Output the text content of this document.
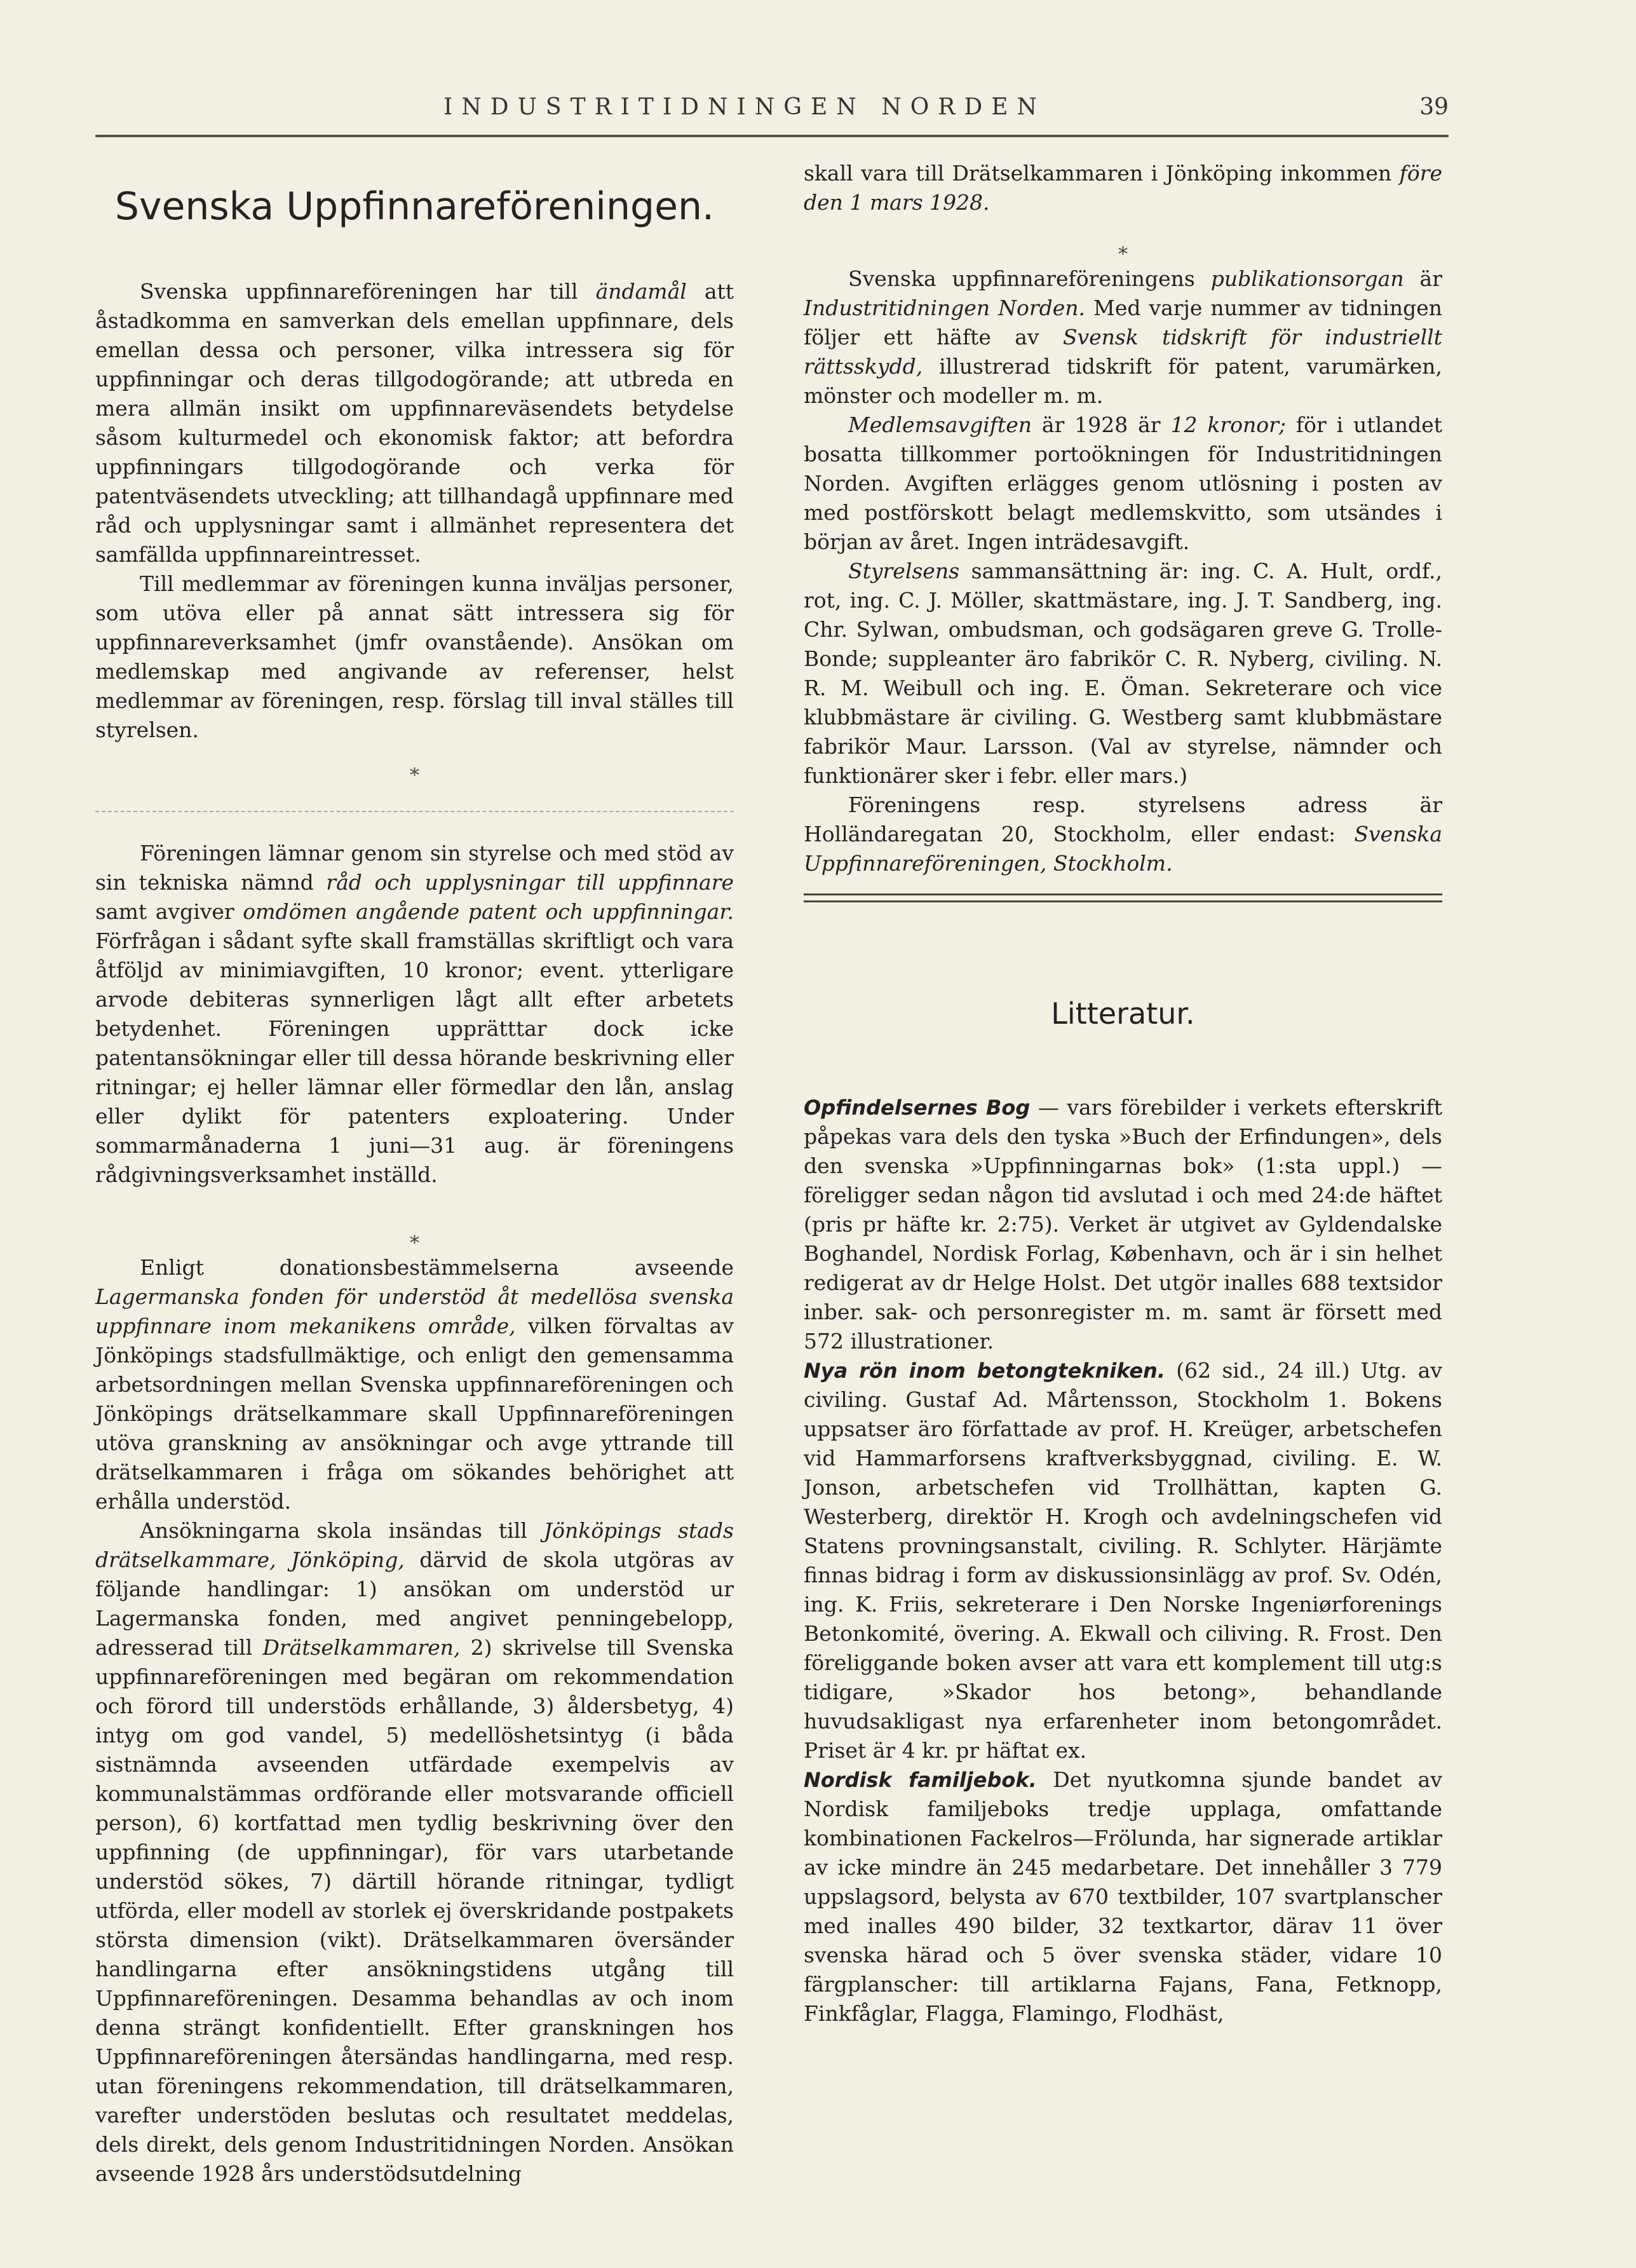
INDUSTRITIDNINGEN NORDEN	39
Svenska Uppfinnareföreningen.

Svenska uppfinnareföreningen har till ändamål att åstadkomma en samverkan dels emellan uppfinnare, dels emellan dessa och personer, vilka intressera sig för uppfinningar och deras tillgodogörande; att utbreda en mera allmän insikt om uppfinnareväsendets betydelse såsom kulturmedel och ekonomisk faktor; att befordra uppfinningars tillgodogörande och verka för patentväsendets utveckling; att tillhandagå uppfinnare med råd och upplysningar samt i allmänhet representera det samfällda uppfinnareintresset.

Till medlemmar av föreningen kunna inväljas personer, som utöva eller på annat sätt intressera sig för uppfinnareverksamhet (jmfr ovanstående). Ansökan om medlemskap med angivande av referenser, helst medlemmar av föreningen, resp. förslag till inval ställes till styrelsen.

*

Föreningen lämnar genom sin styrelse och med stöd av sin tekniska nämnd råd och upplysningar till uppfinnare samt avgiver omdömen angående patent och uppfinningar. Förfrågan i sådant syfte skall framställas skriftligt och vara åtföljd av minimiavgiften, 10 kronor; event. ytterligare arvode debiteras synnerligen lågt allt efter arbetets betydenhet. Föreningen upprätttar dock icke patentansökningar eller till dessa hörande beskrivning eller ritningar; ej heller lämnar eller förmedlar den lån, anslag eller dylikt för patenters exploatering. Under sommarmånaderna 1 juni—31 aug. är föreningens rådgivningsverksamhet inställd.

*

Enligt donationsbestämmelserna avseende Lagermanska fonden för understöd åt medellösa svenska uppfinnare inom mekanikens område, vilken förvaltas av Jönköpings stadsfullmäktige, och enligt den gemensamma arbetsordningen mellan Svenska uppfinnareföreningen och Jönköpings drätselkammare skall Uppfinnareföreningen utöva granskning av ansökningar och avge yttrande till drätselkammaren i fråga om sökandes behörighet att erhålla understöd.

Ansökningarna skola insändas till Jönköpings stads drätselkammare, Jönköping, därvid de skola utgöras av följande handlingar: 1) ansökan om understöd ur Lagermanska fonden, med angivet penningebelopp, adresserad till Drätselkammaren, 2) skrivelse till Svenska uppfinnareföreningen med begäran om rekommendation och förord till understöds erhållande, 3) åldersbetyg, 4) intyg om god vandel, 5) medellöshetsintyg (i båda sistnämnda avseenden utfärdade exempelvis av kommunalstämmas ordförande eller motsvarande officiell person), 6) kortfattad men tydlig beskrivning över den uppfinning (de uppfinningar), för vars utarbetande understöd sökes, 7) därtill hörande ritningar, tydligt utförda, eller modell av storlek ej överskridande postpakets största dimension (vikt). Drätselkammaren översänder handlingarna efter ansökningstidens utgång till Uppfinnareföreningen. Desamma behandlas av och inom denna strängt konfidentiellt. Efter granskningen hos Uppfinnareföreningen återsändas handlingarna, med resp. utan föreningens rekommendation, till drätselkammaren, varefter understöden beslutas och resultatet meddelas, dels direkt, dels genom Industritidningen Norden. Ansökan avseende 1928 års understödsutdelning

skall vara till Drätselkammaren i Jönköping inkommen före den 1 mars 1928.

*

Svenska uppfinnareföreningens publikationsorgan är Industritidningen Norden. Med varje nummer av tidningen följer ett häfte av Svensk tidskrift för industriellt rättsskydd, illustrerad tidskrift för patent, varumärken, mönster och modeller m. m.

Medlemsavgiften är 1928 är 12 kronor; för i utlandet bosatta tillkommer portoökningen för Industritidningen Norden. Avgiften erlägges genom utlösning i posten av med postförskott belagt medlemskvitto, som utsändes i början av året. Ingen inträdesavgift.

Styrelsens sammansättning är: ing. C. A. Hult, ordf., rot, ing. C. J. Möller, skattmästare, ing. J. T. Sandberg, ing. Chr. Sylwan, ombudsman, och godsägaren greve G. Trolle-Bonde; suppleanter äro fabrikör C. R. Nyberg, civiling. N. R. M. Weibull och ing. E. Öman. Sekreterare och vice klubbmästare är civiling. G. Westberg samt klubbmästare fabrikör Maur. Larsson. (Val av styrelse, nämnder och funktionärer sker i febr. eller mars.)

Föreningens resp. styrelsens adress är Holländaregatan 20, Stockholm, eller endast: Svenska Uppfinnareföreningen, Stockholm.

Litteratur.

Opfindelsernes Bog — vars förebilder i verkets efterskrift påpekas vara dels den tyska »Buch der Erfindungen», dels den svenska »Uppfinningarnas bok» (1:sta uppl.) — föreligger sedan någon tid avslutad i och med 24:de häftet (pris pr häfte kr. 2:75). Verket är utgivet av Gyldendalske Boghandel, Nordisk Forlag, København, och är i sin helhet redigerat av dr Helge Holst. Det utgör inalles 688 textsidor inber. sak- och personregister m. m. samt är försett med 572 illustrationer.

Nya rön inom betongtekniken. (62 sid., 24 ill.) Utg. av civiling. Gustaf Ad. Mårtensson, Stockholm 1. Bokens uppsatser äro författade av prof. H. Kreüger, arbetschefen vid Hammarforsens kraftverksbyggnad, civiling. E. W. Jonson, arbetschefen vid Trollhättan, kapten G. Westerberg, direktör H. Krogh och avdelningschefen vid Statens provningsanstalt, civiling. R. Schlyter. Härjämte finnas bidrag i form av diskussionsinlägg av prof. Sv. Odén, ing. K. Friis, sekreterare i Den Norske Ingeniørforenings Betonkomité, övering. A. Ekwall och ciliving. R. Frost. Den föreliggande boken avser att vara ett komplement till utg:s tidigare, »Skador hos betong», behandlande huvudsakligast nya erfarenheter inom betongområdet. Priset är 4 kr. pr häftat ex.

Nordisk familjebok. Det nyutkomna sjunde bandet av Nordisk familjeboks tredje upplaga, omfattande kombinationen Fackelros—Frölunda, har signerade artiklar av icke mindre än 245 medarbetare. Det innehåller 3 779 uppslagsord, belysta av 670 textbilder, 107 svartplanscher med inalles 490 bilder, 32 textkartor, därav 11 över svenska härad och 5 över svenska städer, vidare 10 färgplanscher: till artiklarna Fajans, Fana, Fetknopp, Finkfåglar, Flagga, Flamingo, Flodhäst,
